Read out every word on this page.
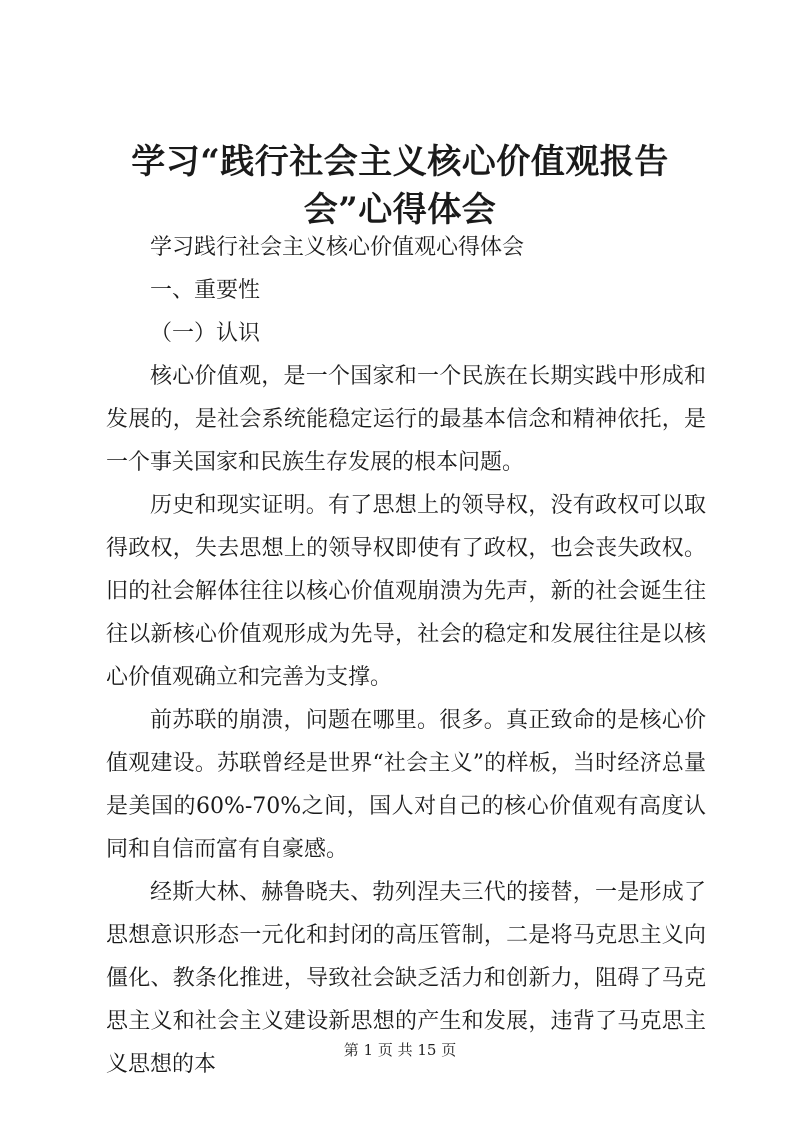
学习“践行社会主义核心价值观报告会”心得体会

学习践行社会主义核心价值观心得体会

一、重要性

（一）认识

核心价值观，是一个国家和一个民族在长期实践中形成和发展的，是社会系统能稳定运行的最基本信念和精神依托，是一个事关国家和民族生存发展的根本问题。

历史和现实证明。有了思想上的领导权，没有政权可以取得政权，失去思想上的领导权即使有了政权，也会丧失政权。旧的社会解体往往以核心价值观崩溃为先声，新的社会诞生往往以新核心价值观形成为先导，社会的稳定和发展往往是以核心价值观确立和完善为支撑。

前苏联的崩溃，问题在哪里。很多。真正致命的是核心价值观建设。苏联曾经是世界“社会主义”的样板，当时经济总量是美国的60%-70%之间，国人对自己的核心价值观有高度认同和自信而富有自豪感。

经斯大林、赫鲁晓夫、勃列涅夫三代的接替，一是形成了思想意识形态一元化和封闭的高压管制，二是将马克思主义向僵化、教条化推进，导致社会缺乏活力和创新力，阻碍了马克思主义和社会主义建设新思想的产生和发展，违背了马克思主义思想的本

第 1 页 共 15 页
